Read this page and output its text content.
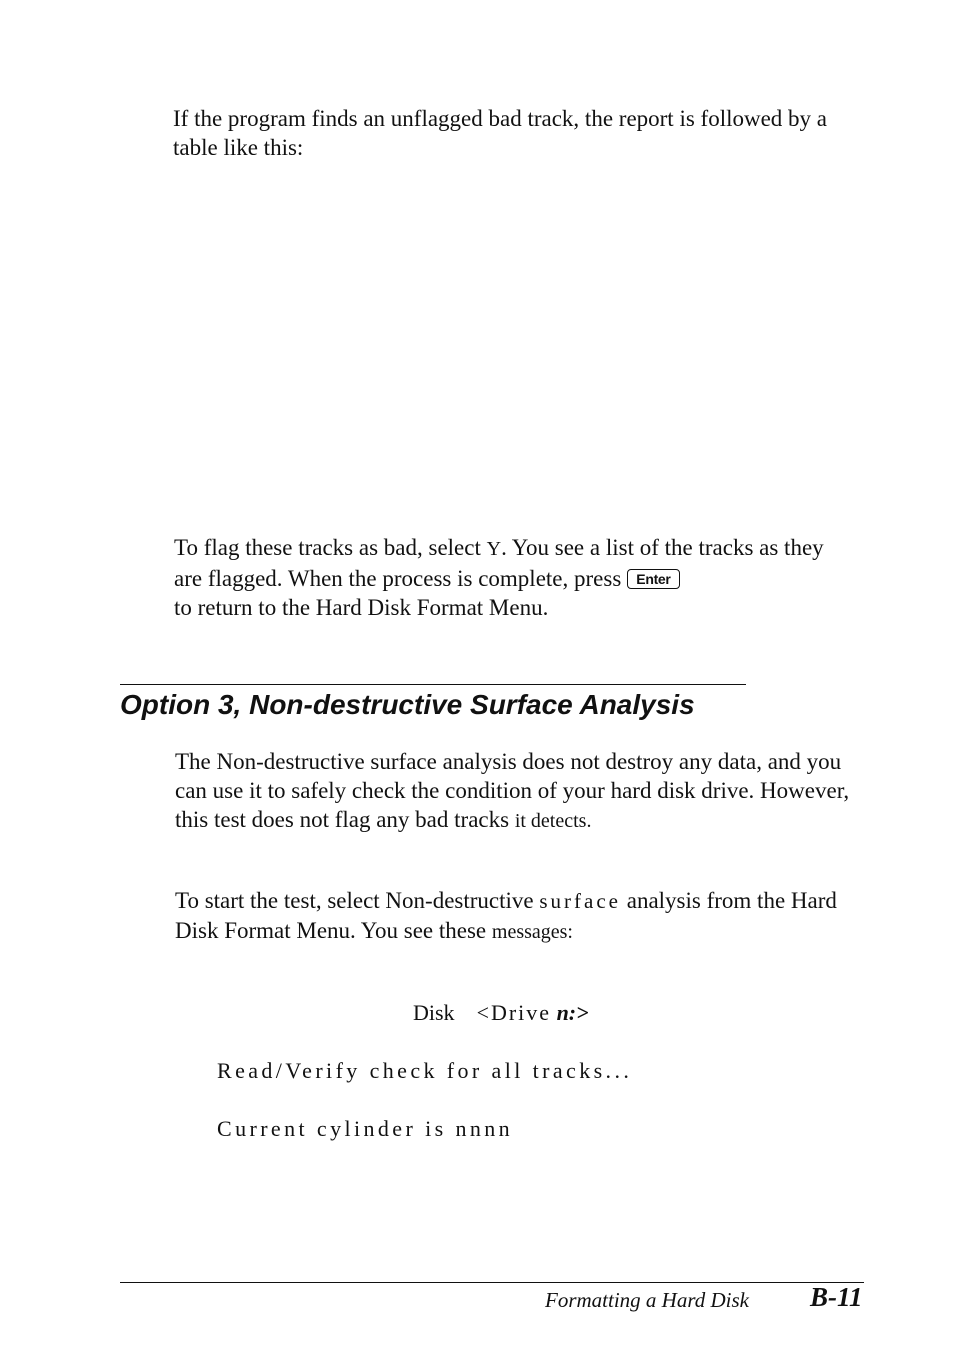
If the program finds an unflagged bad track, the report is followed by a table like this:
To flag these tracks as bad, select Y. You see a list of the tracks as they are flagged. When the process is complete, press Enter
to return to the Hard Disk Format Menu.
Option 3, Non-destructive Surface Analysis
The Non-destructive surface analysis does not destroy any data, and you can use it to safely check the condition of your hard disk drive. However, this test does not flag any bad tracks it detects.
To start the test, select Non-destructive surface analysis from the Hard Disk Format Menu. You see these messages:
Disk <Drive n:>
Read/Verify check for all tracks...
Current cylinder is nnnn
Formatting a Hard Disk B-11
